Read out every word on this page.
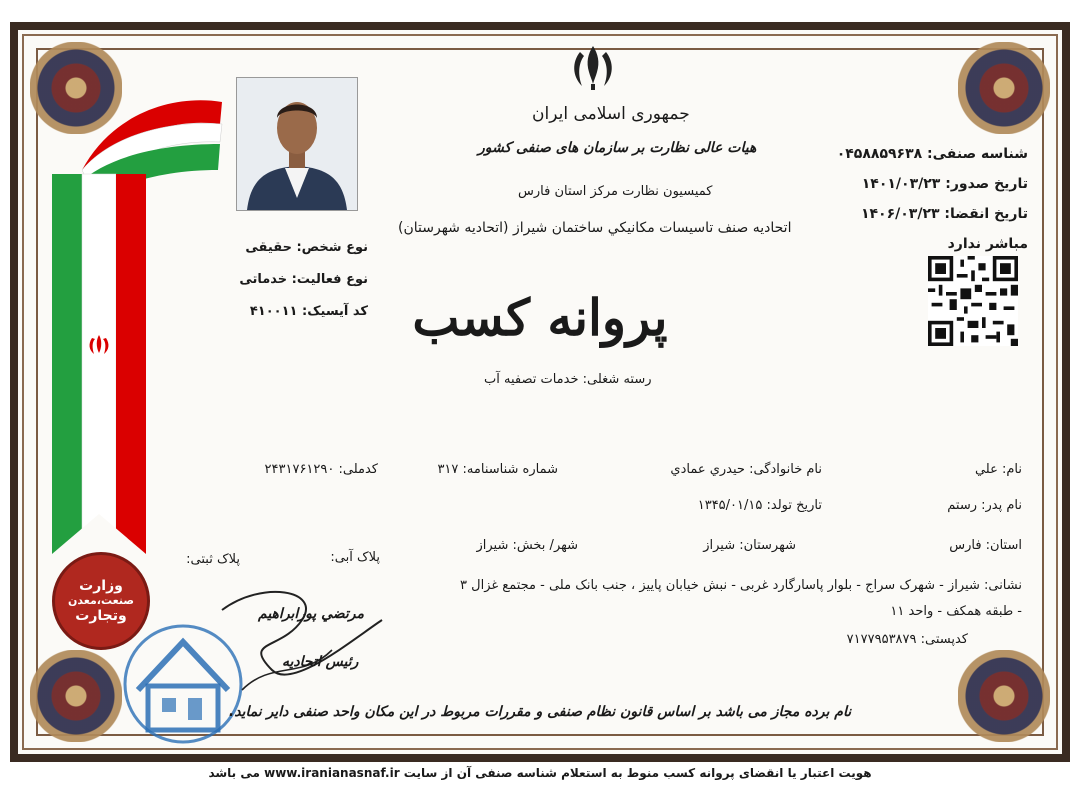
جمهوری اسلامی ایران
هیات عالی نظارت بر سازمان های صنفی کشور
کمیسیون نظارت مرکز استان فارس
اتحادیه صنف تاسیسات مکانیکي ساختمان شیراز (اتحادیه شهرستان)
شناسه صنفی: ۰۴۵۸۸۵۹۶۳۸
تاریخ صدور: ۱۴۰۱/۰۳/۲۳
تاریخ انقضا: ۱۴۰۶/۰۳/۲۳
مباشر ندارد
نوع شخص: حقیقی
نوع فعالیت: خدماتی
کد آیسیک: ۴۱۰۰۱۱ پروانه کسب
رسته شغلی: خدمات تصفیه آب
نام: علي
نام خانوادگی: حیدري عمادي
شماره شناسنامه: ۳۱۷
کدملی: ۲۴۳۱۷۶۱۲۹۰
نام پدر: رستم
تاریخ تولد: ۱۳۴۵/۰۱/۱۵
استان: فارس
شهرستان: شیراز
شهر/ بخش: شیراز
پلاک آبی:
پلاک ثبتی:
نشانی: شیراز - شهرک سراج - بلوار پاسارگارد غربی - نبش خیابان پاییز ، جنب بانک ملی - مجتمع غزال ۳
- طبقه همکف - واحد ۱۱
کدپستی: ۷۱۷۷۹۵۳۸۷۹
وزارت
صنعت،معدن
وتجارت	مرتضي پورابراهیم
رئیس اتحادیه
نام برده مجاز می باشد بر اساس قانون نظام صنفی و مقررات مربوط در این مکان واحد صنفی دایر نماید.
هویت اعتبار یا انقضای پروانه کسب منوط به استعلام شناسه صنفی آن از سایت www.iranianasnaf.ir می باشد
